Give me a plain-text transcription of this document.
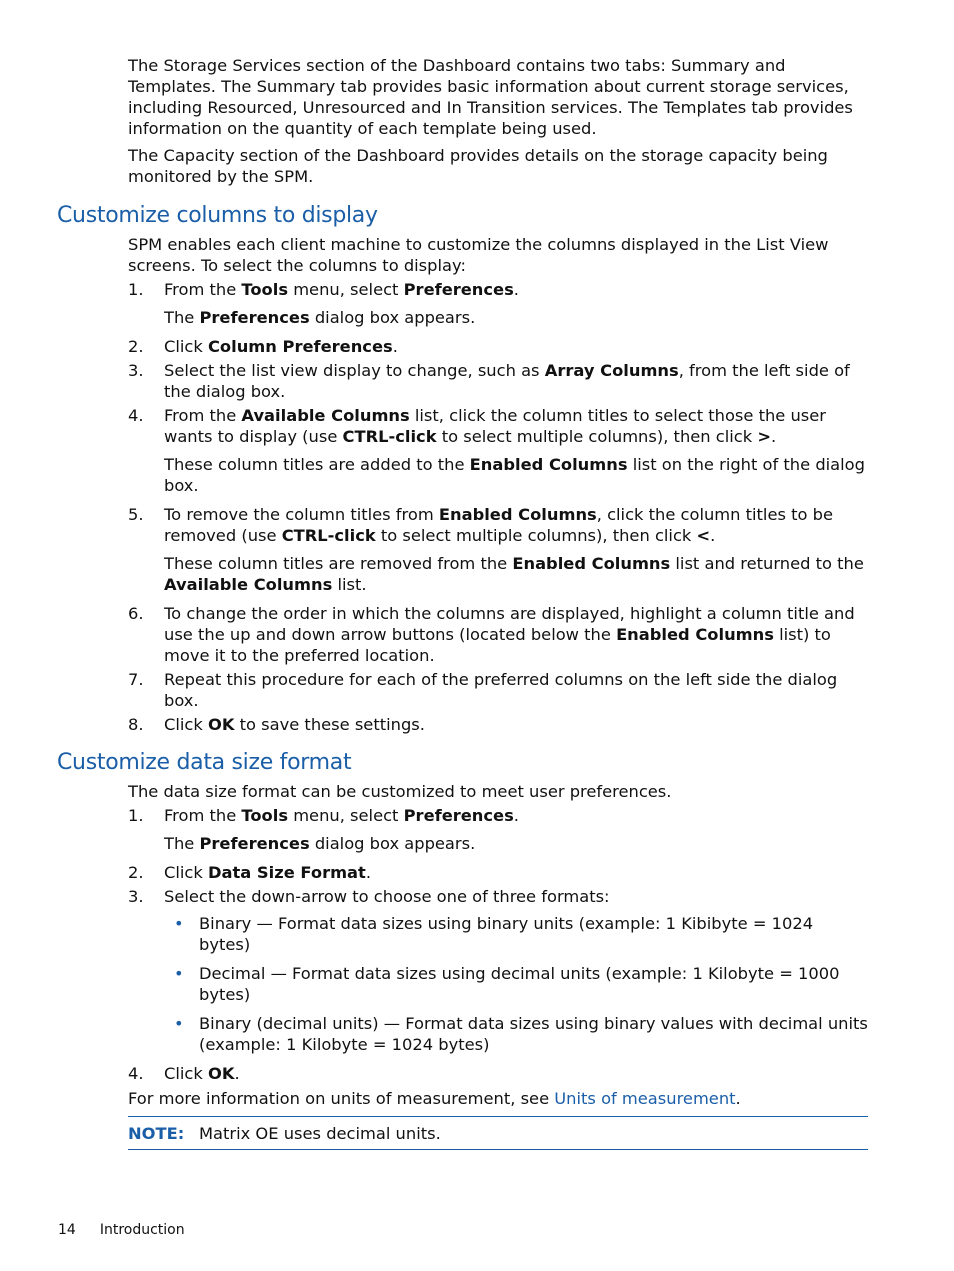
The Storage Services section of the Dashboard contains two tabs: Summary and Templates. The Summary tab provides basic information about current storage services, including Resourced, Unresourced and In Transition services. The Templates tab provides information on the quantity of each template being used.

The Capacity section of the Dashboard provides details on the storage capacity being monitored by the SPM.

Customize columns to display

SPM enables each client machine to customize the columns displayed in the List View screens. To select the columns to display:

1. From the Tools menu, select Preferences.
The Preferences dialog box appears.
2. Click Column Preferences.
3. Select the list view display to change, such as Array Columns, from the left side of the dialog box.
4. From the Available Columns list, click the column titles to select those the user wants to display (use CTRL-click to select multiple columns), then click >.
These column titles are added to the Enabled Columns list on the right of the dialog box.
5. To remove the column titles from Enabled Columns, click the column titles to be removed (use CTRL-click to select multiple columns), then click <.
These column titles are removed from the Enabled Columns list and returned to the Available Columns list.
6. To change the order in which the columns are displayed, highlight a column title and use the up and down arrow buttons (located below the Enabled Columns list) to move it to the preferred location.
7. Repeat this procedure for each of the preferred columns on the left side the dialog box.
8. Click OK to save these settings.
Customize data size format

The data size format can be customized to meet user preferences.

1. From the Tools menu, select Preferences.
The Preferences dialog box appears.
2. Click Data Size Format.
3. Select the down-arrow to choose one of three formats:
• Binary — Format data sizes using binary units (example: 1 Kibibyte = 1024 bytes)
• Decimal — Format data sizes using decimal units (example: 1 Kilobyte = 1000 bytes)
• Binary (decimal units) — Format data sizes using binary values with decimal units (example: 1 Kilobyte = 1024 bytes)
4. Click OK.

For more information on units of measurement, see Units of measurement.

NOTE: Matrix OE uses decimal units.
14 Introduction
